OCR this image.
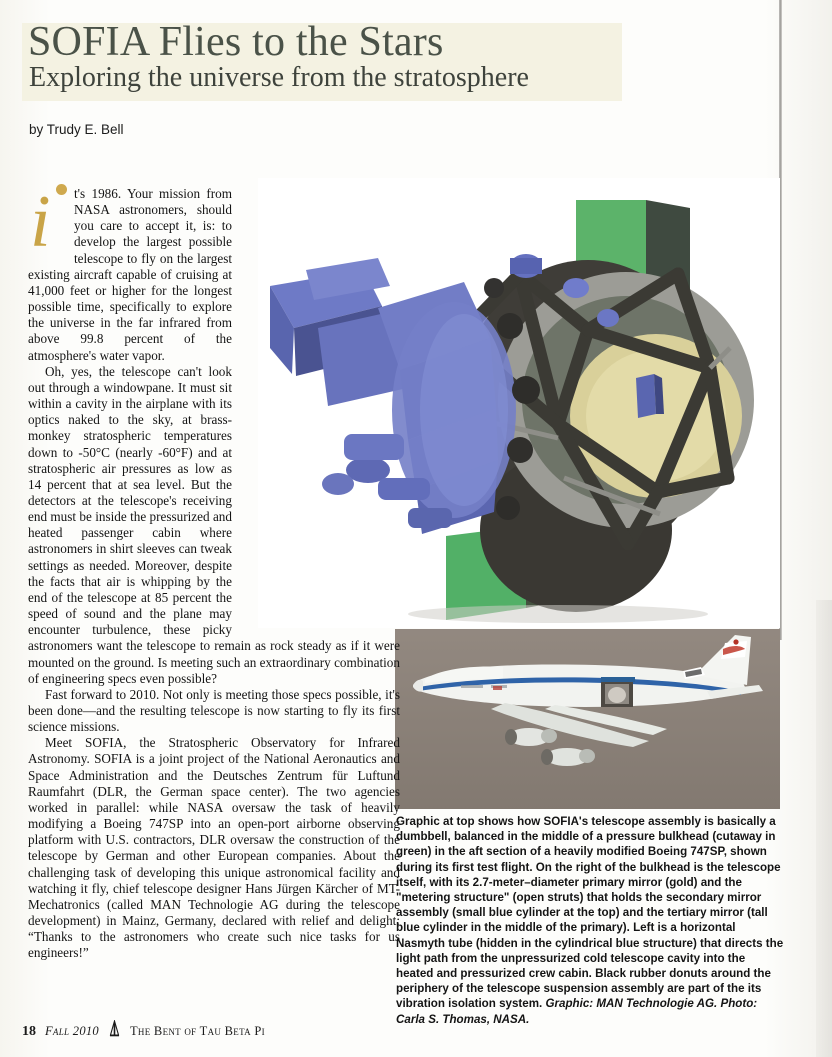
SOFIA Flies to the Stars
Exploring the universe from the stratosphere
by Trudy E. Bell
i	t's 1986. Your mission from NASA astronomers, should you care to accept it, is: to develop the largest possible telescope to fly on the largest existing aircraft capable of cruising at 41,000 feet or higher for the longest possible time, specifically to explore the universe in the far infrared from above 99.8 percent of the atmosphere's water vapor.

Oh, yes, the telescope can't look out through a windowpane. It must sit within a cavity in the airplane with its optics naked to the sky, at brass-monkey stratospheric temperatures down to -50°C (nearly -60°F) and at stratospheric air pressures as low as 14 percent that at sea level. But the detectors at the telescope's receiving end must be inside the pressurized and heated passenger cabin where astronomers in shirt sleeves can tweak settings as needed. Moreover, despite the facts that air is whipping by the end of the telescope at 85 percent the speed of sound and the plane may encounter turbulence, these picky astronomers want the telescope to remain as rock steady as if it were mounted on the ground. Is meeting such an extraordinary combination of engineering specs even possible?

Fast forward to 2010. Not only is meeting those specs possible, it's been done—and the resulting telescope is now starting to fly its first science missions.

Meet SOFIA, the Stratospheric Observatory for Infrared Astronomy. SOFIA is a joint project of the National Aeronautics and Space Administration and the Deutsches Zentrum für Luftund Raumfahrt (DLR, the German space center). The two agencies worked in parallel: while NASA oversaw the task of heavily modifying a Boeing 747SP into an open-port airborne observing platform with U.S. contractors, DLR oversaw the construction of the telescope by German and other European companies. About the challenging task of developing this unique astronomical facility and watching it fly, chief telescope designer Hans Jürgen Kärcher of MT-Mechatronics (called MAN Technologie AG during the telescope development) in Mainz, Germany, declared with relief and delight: “Thanks to the astronomers who create such nice tasks for us engineers!”

Graphic at top shows how SOFIA's telescope assembly is basically a dumbbell, balanced in the middle of a pressure bulkhead (cutaway in green) in the aft section of a heavily modified Boeing 747SP, shown during its first test flight. On the right of the bulkhead is the telescope itself, with its 2.7-meter–diameter primary mirror (gold) and the "metering structure" (open struts) that holds the secondary mirror assembly (small blue cylinder at the top) and the tertiary mirror (tall blue cylinder in the middle of the primary). Left is a horizontal Nasmyth tube (hidden in the cylindrical blue structure) that directs the light path from the unpressurized cold telescope cavity into the heated and pressurized crew cabin. Black rubber donuts around the periphery of the telescope suspension assembly are part of the its vibration isolation system. Graphic: MAN Technologie AG. Photo: Carla S. Thomas, NASA.
18 Fall 2010 The Bent of Tau Beta Pi
